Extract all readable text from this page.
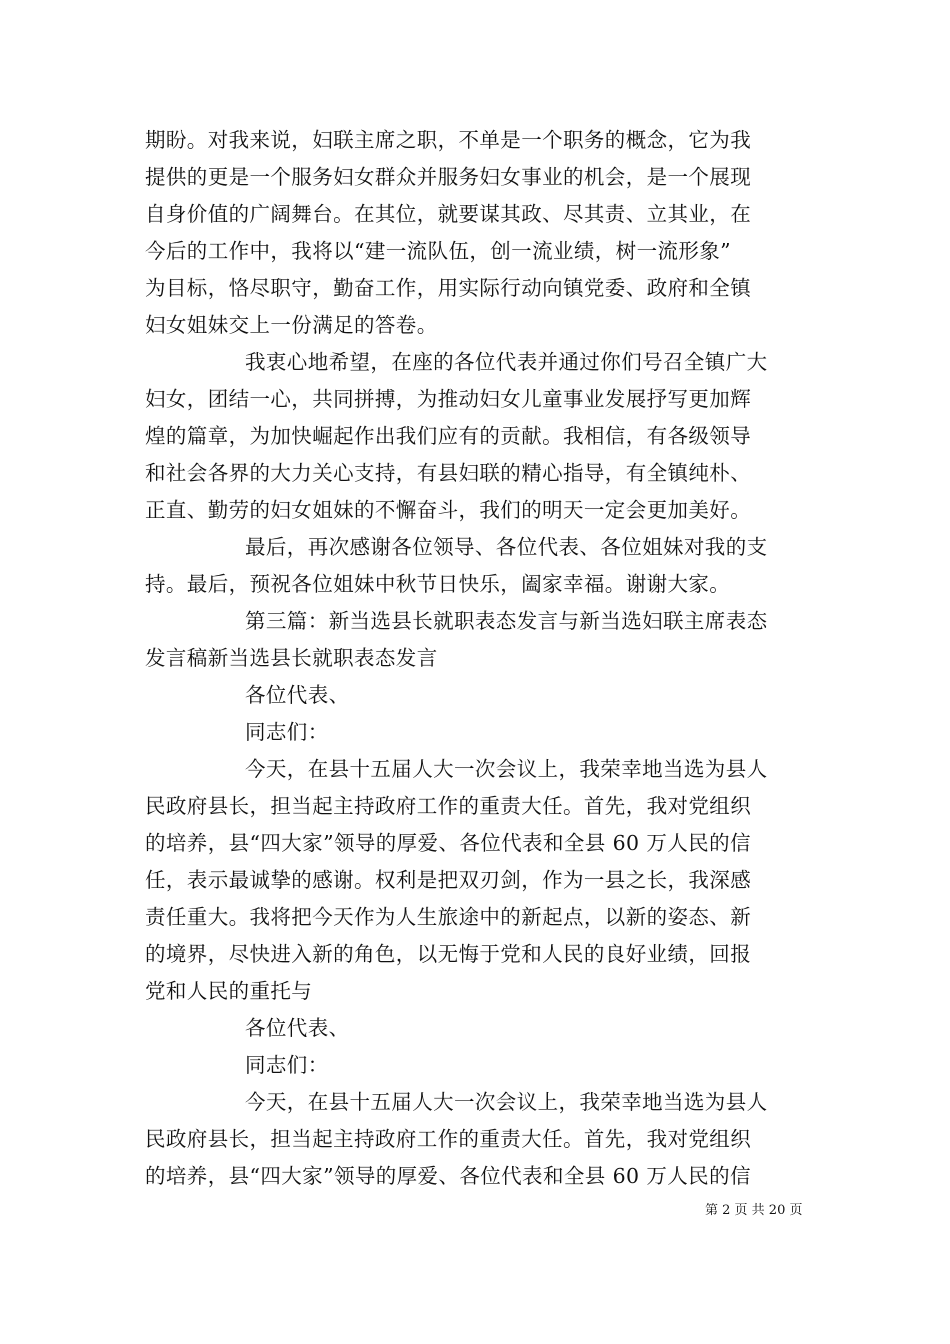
期盼。对我来说，妇联主席之职，不单是一个职务的概念，它为我
提供的更是一个服务妇女群众并服务妇女事业的机会，是一个展现
自身价值的广阔舞台。在其位，就要谋其政、尽其责、立其业，在
今后的工作中，我将以“建一流队伍，创一流业绩，树一流形象”
为目标，恪尽职守，勤奋工作，用实际行动向镇党委、政府和全镇
妇女姐妹交上一份满足的答卷。
我衷心地希望，在座的各位代表并通过你们号召全镇广大
妇女，团结一心，共同拼搏，为推动妇女儿童事业发展抒写更加辉
煌的篇章，为加快崛起作出我们应有的贡献。我相信，有各级领导
和社会各界的大力关心支持，有县妇联的精心指导，有全镇纯朴、
正直、勤劳的妇女姐妹的不懈奋斗，我们的明天一定会更加美好。
最后，再次感谢各位领导、各位代表、各位姐妹对我的支
持。最后，预祝各位姐妹中秋节日快乐，阖家幸福。谢谢大家。
第三篇：新当选县长就职表态发言与新当选妇联主席表态
发言稿新当选县长就职表态发言
各位代表、
同志们：
今天，在县十五届人大一次会议上，我荣幸地当选为县人
民政府县长，担当起主持政府工作的重责大任。首先，我对党组织
的培养，县“四大家”领导的厚爱、各位代表和全县 60 万人民的信
任，表示最诚挚的感谢。权利是把双刃剑，作为一县之长，我深感
责任重大。我将把今天作为人生旅途中的新起点，以新的姿态、新
的境界，尽快进入新的角色，以无悔于党和人民的良好业绩，回报
党和人民的重托与
各位代表、
同志们：
今天，在县十五届人大一次会议上，我荣幸地当选为县人
民政府县长，担当起主持政府工作的重责大任。首先，我对党组织
的培养，县“四大家”领导的厚爱、各位代表和全县 60 万人民的信
第 2 页 共 20 页
